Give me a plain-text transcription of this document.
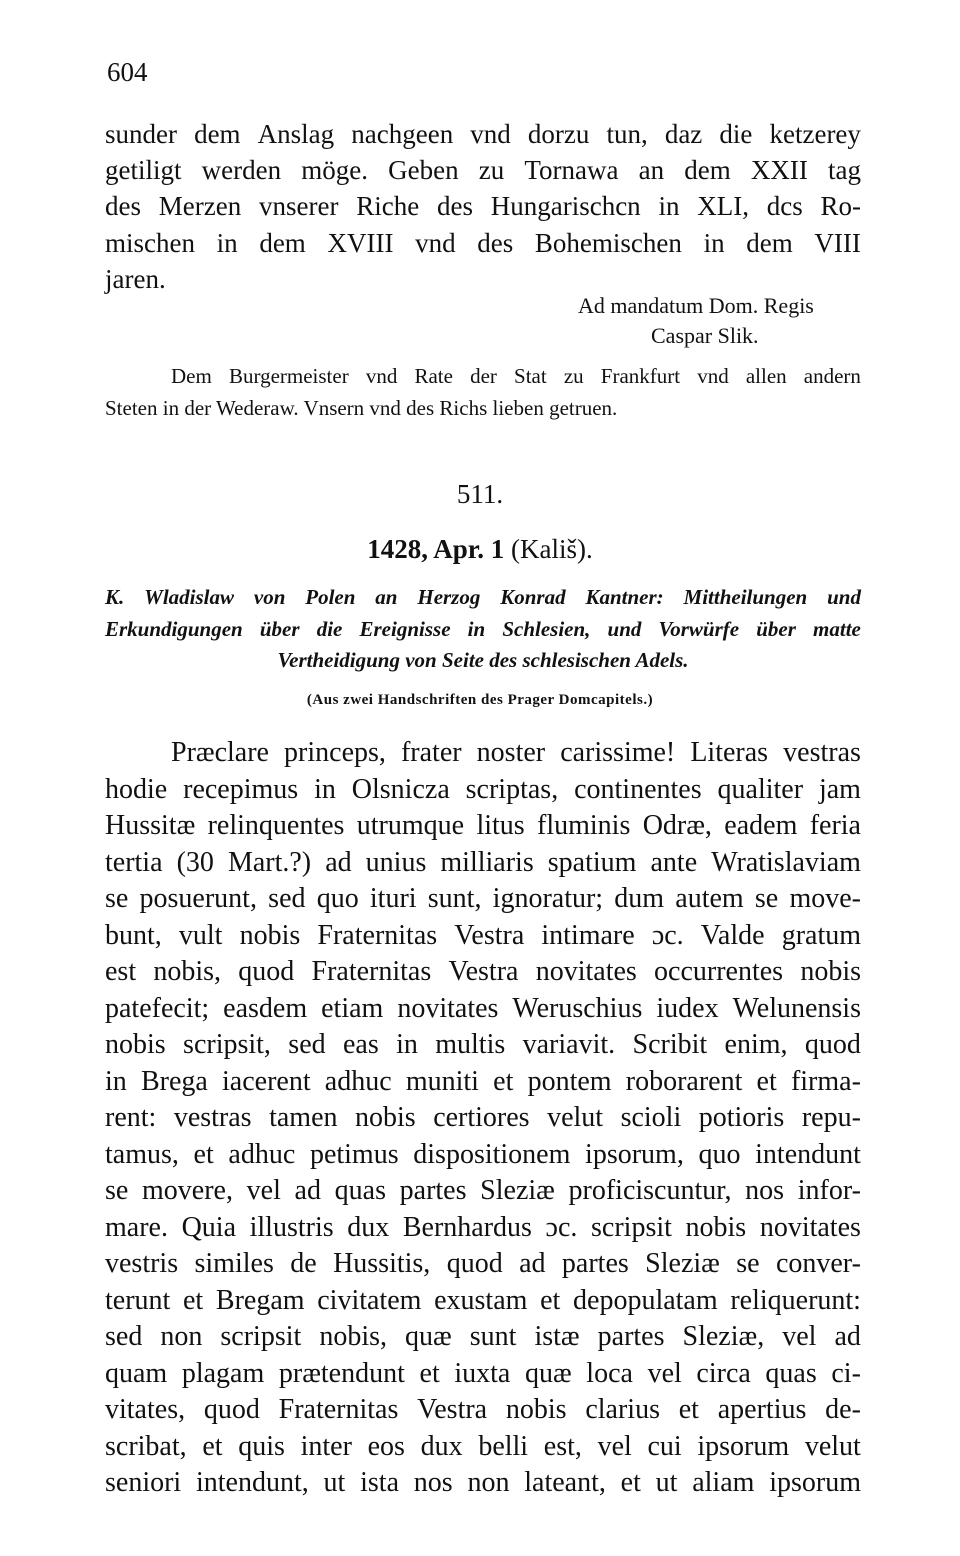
604
sunder dem Anslag nachgeen vnd dorzu tun, daz die ketzerey
getiligt werden möge. Geben zu Tornawa an dem XXII tag
des Merzen vnserer Riche des Hungarischcn in XLI, dcs Ro-
mischen in dem XVIII vnd des Bohemischen in dem VIII
jaren.
Ad mandatum Dom. Regis
Caspar Slik.
Dem Burgermeister vnd Rate der Stat zu Frankfurt vnd allen andern
Steten in der Wederaw. Vnsern vnd des Richs lieben getruen.
511.
1428, Apr. 1 (Kališ).
K. Wladislaw von Polen an Herzog Konrad Kantner: Mittheilungen und
Erkundigungen über die Ereignisse in Schlesien, und Vorwürfe über matte
Vertheidigung von Seite des schlesischen Adels.
(Aus zwei Handschriften des Prager Domcapitels.)
Præclare princeps, frater noster carissime! Literas vestras
hodie recepimus in Olsnicza scriptas, continentes qualiter jam
Hussitæ relinquentes utrumque litus fluminis Odræ, eadem feria
tertia (30 Mart.?) ad unius milliaris spatium ante Wratislaviam
se posuerunt, sed quo ituri sunt, ignoratur; dum autem se move-
bunt, vult nobis Fraternitas Vestra intimare ɔc. Valde gratum
est nobis, quod Fraternitas Vestra novitates occurrentes nobis
patefecit; easdem etiam novitates Weruschius iudex Welunensis
nobis scripsit, sed eas in multis variavit. Scribit enim, quod
in Brega iacerent adhuc muniti et pontem roborarent et firma-
rent: vestras tamen nobis certiores velut scioli potioris repu-
tamus, et adhuc petimus dispositionem ipsorum, quo intendunt
se movere, vel ad quas partes Sleziæ proficiscuntur, nos infor-
mare. Quia illustris dux Bernhardus ɔc. scripsit nobis novitates
vestris similes de Hussitis, quod ad partes Sleziæ se conver-
terunt et Bregam civitatem exustam et depopulatam reliquerunt:
sed non scripsit nobis, quæ sunt istæ partes Sleziæ, vel ad
quam plagam prætendunt et iuxta quæ loca vel circa quas ci-
vitates, quod Fraternitas Vestra nobis clarius et apertius de-
scribat, et quis inter eos dux belli est, vel cui ipsorum velut
seniori intendunt, ut ista nos non lateant, et ut aliam ipsorum
